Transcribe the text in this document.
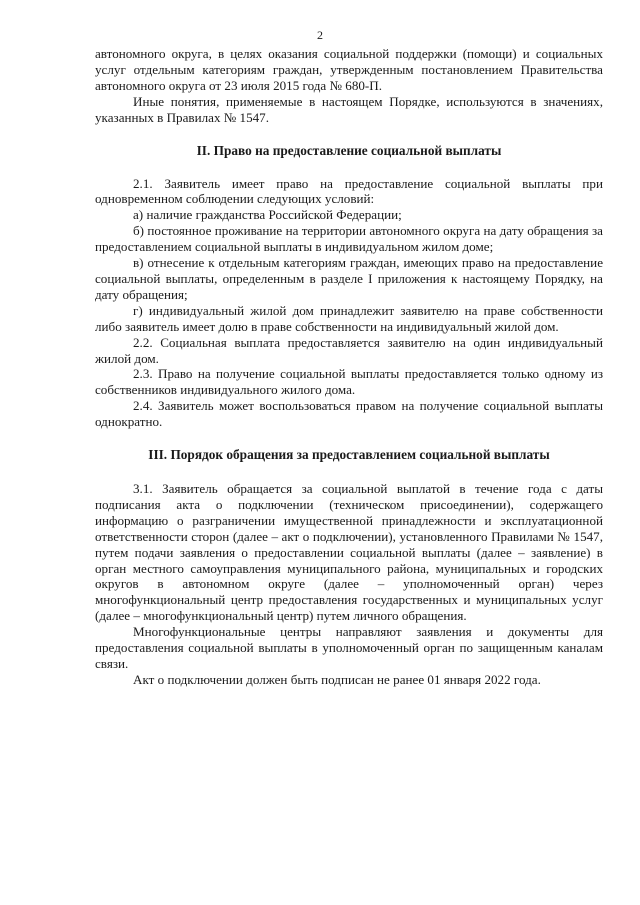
2

автономного округа, в целях оказания социальной поддержки (помощи) и социальных услуг отдельным категориям граждан, утвержденным постановлением Правительства автономного округа от 23 июля 2015 года № 680-П.

Иные понятия, применяемые в настоящем Порядке, используются в значениях, указанных в Правилах № 1547.

II. Право на предоставление социальной выплаты

2.1. Заявитель имеет право на предоставление социальной выплаты при одновременном соблюдении следующих условий:

а) наличие гражданства Российской Федерации;

б) постоянное проживание на территории автономного округа на дату обращения за предоставлением социальной выплаты в индивидуальном жилом доме;

в) отнесение к отдельным категориям граждан, имеющих право на предоставление социальной выплаты, определенным в разделе I приложения к настоящему Порядку, на дату обращения;

г) индивидуальный жилой дом принадлежит заявителю на праве собственности либо заявитель имеет долю в праве собственности на индивидуальный жилой дом.

2.2. Социальная выплата предоставляется заявителю на один индивидуальный жилой дом.

2.3. Право на получение социальной выплаты предоставляется только одному из собственников индивидуального жилого дома.

2.4. Заявитель может воспользоваться правом на получение социальной выплаты однократно.

III. Порядок обращения за предоставлением социальной выплаты

3.1. Заявитель обращается за социальной выплатой в течение года с даты подписания акта о подключении (техническом присоединении), содержащего информацию о разграничении имущественной принадлежности и эксплуатационной ответственности сторон (далее – акт о подключении), установленного Правилами № 1547, путем подачи заявления о предоставлении социальной выплаты (далее – заявление) в орган местного самоуправления муниципального района, муниципальных и городских округов в автономном округе (далее – уполномоченный орган) через многофункциональный центр предоставления государственных и муниципальных услуг (далее – многофункциональный центр) путем личного обращения.

Многофункциональные центры направляют заявления и документы для предоставления социальной выплаты в уполномоченный орган по защищенным каналам связи.

Акт о подключении должен быть подписан не ранее 01 января 2022 года.
